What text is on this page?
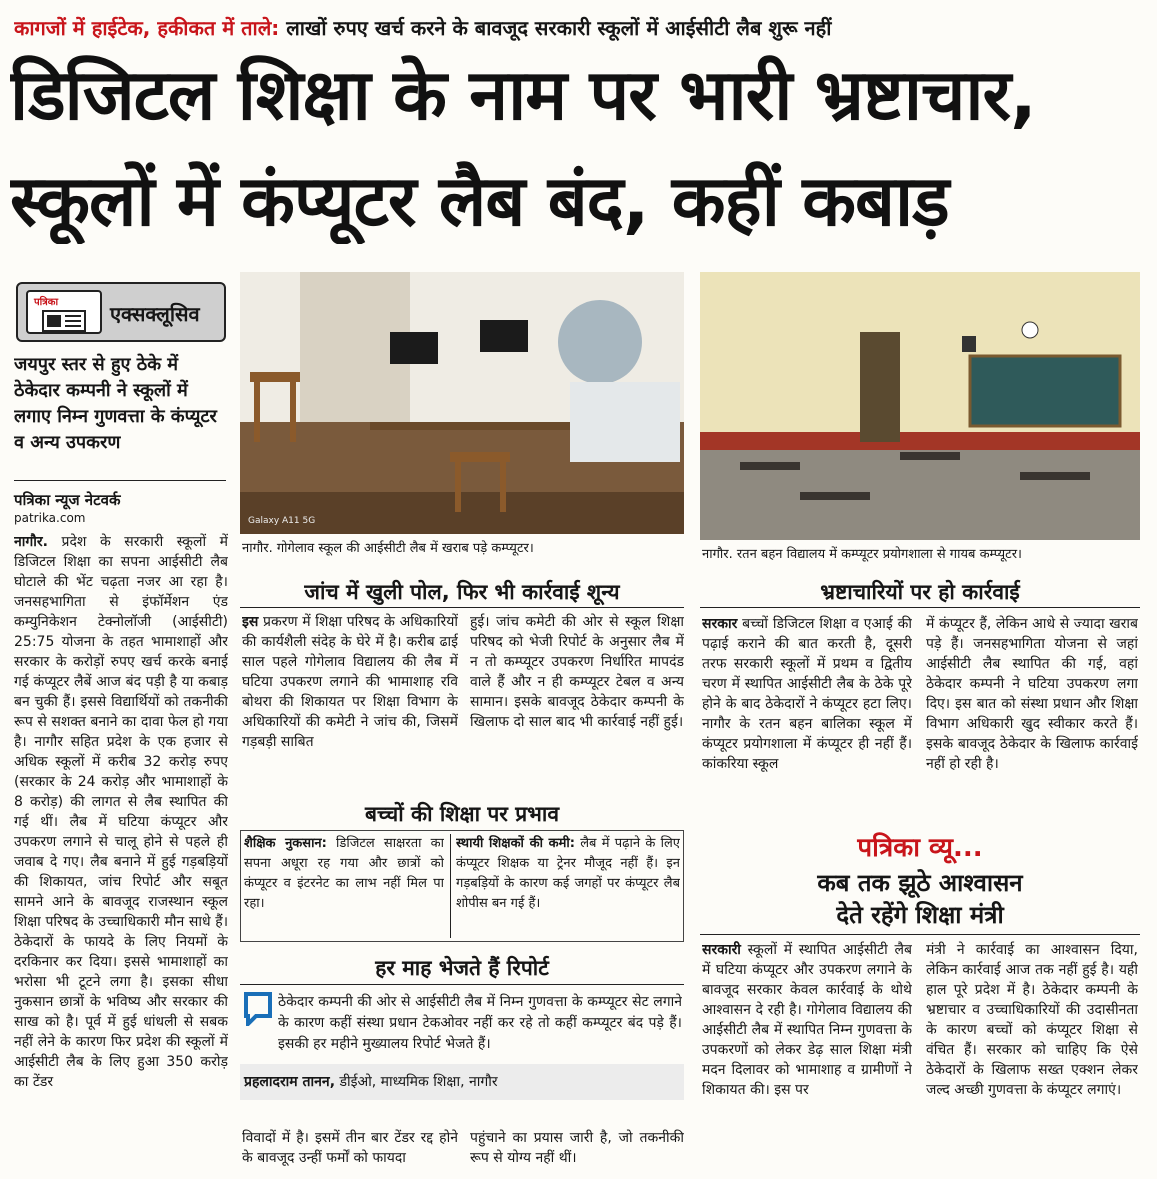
कागजों में हाईटेक, हकीकत में ताले: लाखों रुपए खर्च करने के बावजूद सरकारी स्कूलों में आईसीटी लैब शुरू नहीं
डिजिटल शिक्षा के नाम पर भारी भ्रष्टाचार,
स्कूलों में कंप्यूटर लैब बंद, कहीं कबाड़
पत्रिका	एक्सक्लूसिव
जयपुर स्तर से हुए ठेके में ठेकेदार कम्पनी ने स्कूलों में लगाए निम्न गुणवत्ता के कंप्यूटर व अन्य उपकरण
पत्रिका न्यूज नेटवर्क
patrika.com
नागौर. प्रदेश के सरकारी स्कूलों में डिजिटल शिक्षा का सपना आईसीटी लैब घोटाले की भेंट चढ़ता नजर आ रहा है। जनसहभागिता से इंफॉर्मेशन एंड कम्युनिकेशन टेक्नोलॉजी (आईसीटी) 25:75 योजना के तहत भामाशाहों और सरकार के करोड़ों रुपए खर्च करके बनाई गई कंप्यूटर लैबें आज बंद पड़ी है या कबाड़ बन चुकी हैं। इससे विद्यार्थियों को तकनीकी रूप से सशक्त बनाने का दावा फेल हो गया है। नागौर सहित प्रदेश के एक हजार से अधिक स्कूलों में करीब 32 करोड़ रुपए (सरकार के 24 करोड़ और भामाशाहों के 8 करोड़) की लागत से लैब स्थापित की गई थीं। लैब में घटिया कंप्यूटर और उपकरण लगाने से चालू होने से पहले ही जवाब दे गए। लैब बनाने में हुई गड़बड़ियों की शिकायत, जांच रिपोर्ट और सबूत सामने आने के बावजूद राजस्थान स्कूल शिक्षा परिषद के उच्चाधिकारी मौन साधे हैं। ठेकेदारों के फायदे के लिए नियमों के दरकिनार कर दिया। इससे भामाशाहों का भरोसा भी टूटने लगा है। इसका सीधा नुकसान छात्रों के भविष्य और सरकार की साख को है। पूर्व में हुई धांधली से सबक नहीं लेने के कारण फिर प्रदेश की स्कूलों में आईसीटी लैब के लिए हुआ 350 करोड़ का टेंडर
Galaxy A11 5G
नागौर. गोगेलाव स्कूल की आईसीटी लैब में खराब पड़े कम्प्यूटर।	नागौर. रतन बहन विद्यालय में कम्प्यूटर प्रयोगशाला से गायब कम्प्यूटर।
जांच में खुली पोल, फिर भी कार्रवाई शून्य
इस प्रकरण में शिक्षा परिषद के अधिकारियों की कार्यशैली संदेह के घेरे में है। करीब ढाई साल पहले गोगेलाव विद्यालय की लैब में घटिया उपकरण लगाने की भामाशाह रवि बोथरा की शिकायत पर शिक्षा विभाग के अधिकारियों की कमेटी ने जांच की, जिसमें गड़बड़ी साबित
हुई। जांच कमेटी की ओर से स्कूल शिक्षा परिषद को भेजी रिपोर्ट के अनुसार लैब में न तो कम्प्यूटर उपकरण निर्धारित मापदंड वाले हैं और न ही कम्प्यूटर टेबल व अन्य सामान। इसके बावजूद ठेकेदार कम्पनी के खिलाफ दो साल बाद भी कार्रवाई नहीं हुई।
बच्चों की शिक्षा पर प्रभाव
शैक्षिक नुकसान: डिजिटल साक्षरता का सपना अधूरा रह गया और छात्रों को कंप्यूटर व इंटरनेट का लाभ नहीं मिल पा रहा।
स्थायी शिक्षकों की कमी: लैब में पढ़ाने के लिए कंप्यूटर शिक्षक या ट्रेनर मौजूद नहीं हैं। इन गड़बड़ियों के कारण कई जगहों पर कंप्यूटर लैब शोपीस बन गई हैं।
हर माह भेजते हैं रिपोर्ट
ठेकेदार कम्पनी की ओर से आईसीटी लैब में निम्न गुणवत्ता के कम्प्यूटर सेट लगाने के कारण कहीं संस्था प्रधान टेकओवर नहीं कर रहे तो कहीं कम्प्यूटर बंद पड़े हैं। इसकी हर महीने मुख्यालय रिपोर्ट भेजते हैं।
प्रहलादराम तानन, डीईओ, माध्यमिक शिक्षा, नागौर
विवादों में है। इसमें तीन बार टेंडर रद्द होने के बावजूद उन्हीं फर्मों को फायदा
पहुंचाने का प्रयास जारी है, जो तकनीकी रूप से योग्य नहीं थीं।
भ्रष्टाचारियों पर हो कार्रवाई
सरकार बच्चों डिजिटल शिक्षा व एआई की पढ़ाई कराने की बात करती है, दूसरी तरफ सरकारी स्कूलों में प्रथम व द्वितीय चरण में स्थापित आईसीटी लैब के ठेके पूरे होने के बाद ठेकेदारों ने कंप्यूटर हटा लिए। नागौर के रतन बहन बालिका स्कूल में कंप्यूटर प्रयोगशाला में कंप्यूटर ही नहीं हैं। कांकरिया स्कूल
में कंप्यूटर हैं, लेकिन आधे से ज्यादा खराब पड़े हैं। जनसहभागिता योजना से जहां आईसीटी लैब स्थापित की गई, वहां ठेकेदार कम्पनी ने घटिया उपकरण लगा दिए। इस बात को संस्था प्रधान और शिक्षा विभाग अधिकारी खुद स्वीकार करते हैं। इसके बावजूद ठेकेदार के खिलाफ कार्रवाई नहीं हो रही है।
पत्रिका व्यू...
कब तक झूठे आश्वासन
देते रहेंगे शिक्षा मंत्री
सरकारी स्कूलों में स्थापित आईसीटी लैब में घटिया कंप्यूटर और उपकरण लगाने के बावजूद सरकार केवल कार्रवाई के थोथे आश्वासन दे रही है। गोगेलाव विद्यालय की आईसीटी लैब में स्थापित निम्न गुणवत्ता के उपकरणों को लेकर डेढ़ साल शिक्षा मंत्री मदन दिलावर को भामाशाह व ग्रामीणों ने शिकायत की। इस पर
मंत्री ने कार्रवाई का आश्वासन दिया, लेकिन कार्रवाई आज तक नहीं हुई है। यही हाल पूरे प्रदेश में है। ठेकेदार कम्पनी के भ्रष्टाचार व उच्चाधिकारियों की उदासीनता के कारण बच्चों को कंप्यूटर शिक्षा से वंचित हैं। सरकार को चाहिए कि ऐसे ठेकेदारों के खिलाफ सख्त एक्शन लेकर जल्द अच्छी गुणवत्ता के कंप्यूटर लगाएं।
